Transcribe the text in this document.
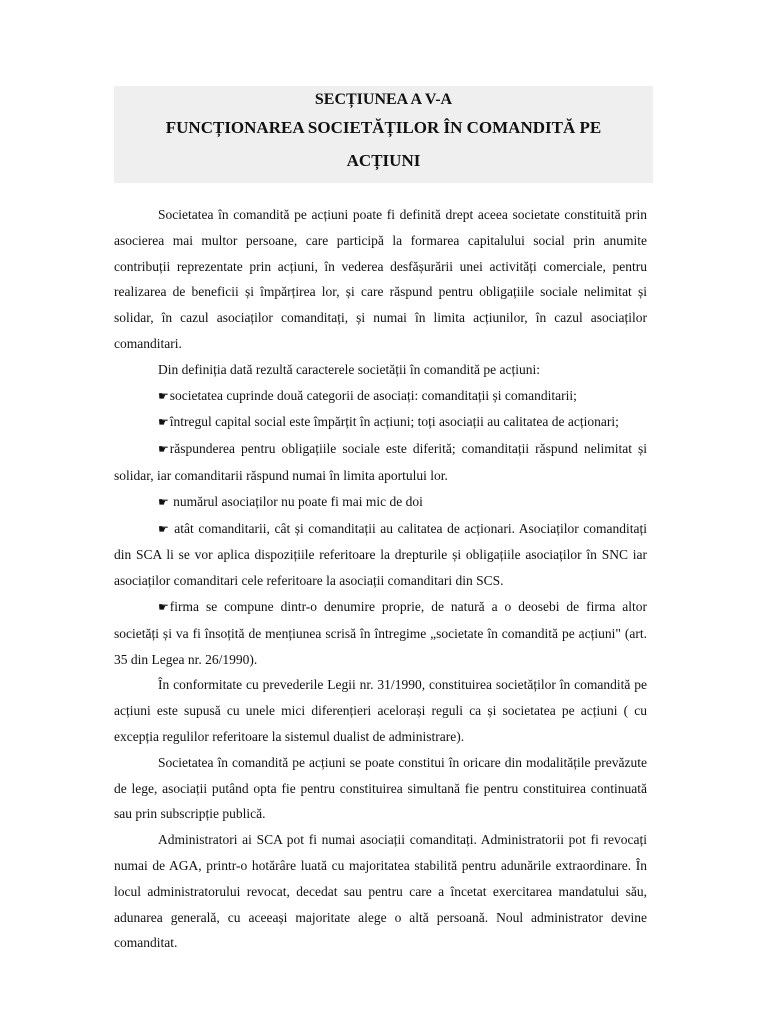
SECȚIUNEA A V-A
FUNCȚIONAREA SOCIETĂȚILOR ÎN COMANDITĂ PE
ACȚIUNI

Societatea în comandită pe acțiuni poate fi definită drept aceea societate constituită prin asocierea mai multor persoane, care participă la formarea capitalului social prin anumite contribuții reprezentate prin acțiuni, în vederea desfășurării unei activități comerciale, pentru realizarea de beneficii și împărțirea lor, și care răspund pentru obligațiile sociale nelimitat și solidar, în cazul asociaților comanditați, și numai în limita acțiunilor, în cazul asociaților comanditari.

Din definiția dată rezultă caracterele societății în comandită pe acțiuni:

☛societatea cuprinde două categorii de asociați: comanditații și comanditarii;

☛întregul capital social este împărțit în acțiuni; toți asociații au calitatea de acționari;

☛răspunderea pentru obligațiile sociale este diferită; comanditații răspund nelimitat și solidar, iar comanditarii răspund numai în limita aportului lor.

☛ numărul asociaților nu poate fi mai mic de doi

☛ atât comanditarii, cât și comanditații au calitatea de acționari. Asociaților comanditați din SCA li se vor aplica dispozițiile referitoare la drepturile și obligațiile asociaților în SNC iar asociaților comanditari cele referitoare la asociații comanditari din SCS.

☛firma se compune dintr-o denumire proprie, de natură a o deosebi de firma altor societăți și va fi însoțită de mențiunea scrisă în întregime „societate în comandită pe acțiuni" (art. 35 din Legea nr. 26/1990).

În conformitate cu prevederile Legii nr. 31/1990, constituirea societăților în comandită pe acțiuni este supusă cu unele mici diferențieri acelorași reguli ca și societatea pe acțiuni ( cu excepția regulilor referitoare la sistemul dualist de administrare).

Societatea în comandită pe acțiuni se poate constitui în oricare din modalitățile prevăzute de lege, asociații putând opta fie pentru constituirea simultană fie pentru constituirea continuată sau prin subscripție publică.

Administratori ai SCA pot fi numai asociații comanditați. Administratorii pot fi revocați numai de AGA, printr-o hotărâre luată cu majoritatea stabilită pentru adunările extraordinare. În locul administratorului revocat, decedat sau pentru care a încetat exercitarea mandatului său, adunarea generală, cu aceeași majoritate alege o altă persoană. Noul administrator devine comanditat.
